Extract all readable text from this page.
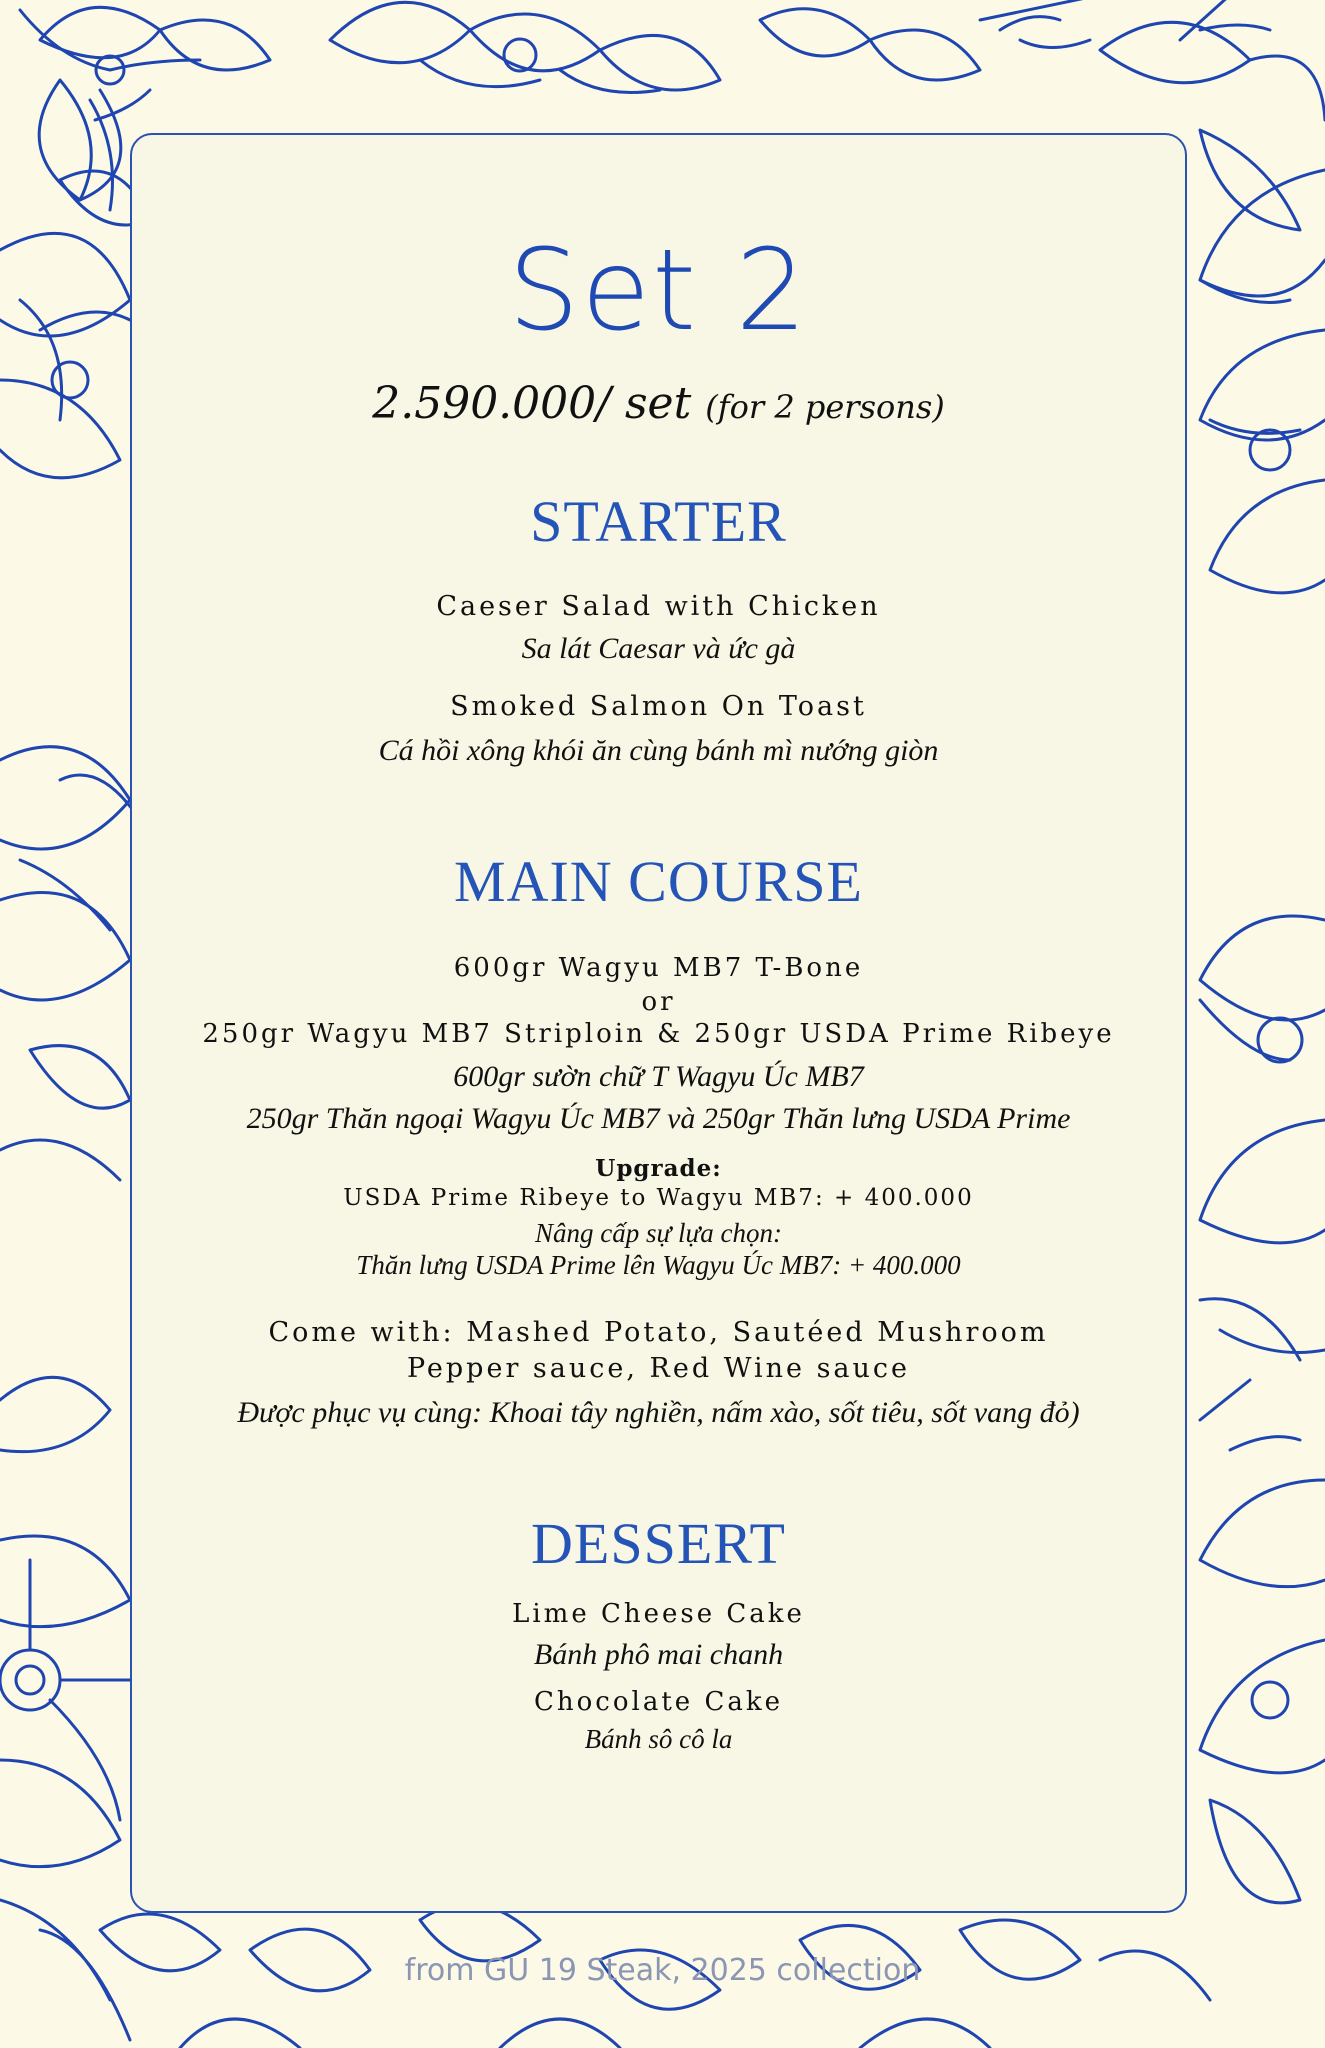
Set 2
2.590.000/ set (for 2 persons)
STARTER
Caeser Salad with Chicken
Sa lát Caesar và ức gà
Smoked Salmon On Toast
Cá hồi xông khói ăn cùng bánh mì nướng giòn
MAIN COURSE
600gr Wagyu MB7 T-Bone
or
250gr Wagyu MB7 Striploin & 250gr USDA Prime Ribeye
600gr sườn chữ T Wagyu Úc MB7
250gr Thăn ngoại Wagyu Úc MB7 và 250gr Thăn lưng USDA Prime
Upgrade:
USDA Prime Ribeye to Wagyu MB7: + 400.000
Nâng cấp sự lựa chọn:
Thăn lưng USDA Prime lên Wagyu Úc MB7: + 400.000
Come with: Mashed Potato, Sautéed Mushroom
Pepper sauce, Red Wine sauce
Được phục vụ cùng: Khoai tây nghiền, nấm xào, sốt tiêu, sốt vang đỏ)
DESSERT
Lime Cheese Cake
Bánh phô mai chanh
Chocolate Cake
Bánh sô cô la
from GU 19 Steak, 2025 collection
